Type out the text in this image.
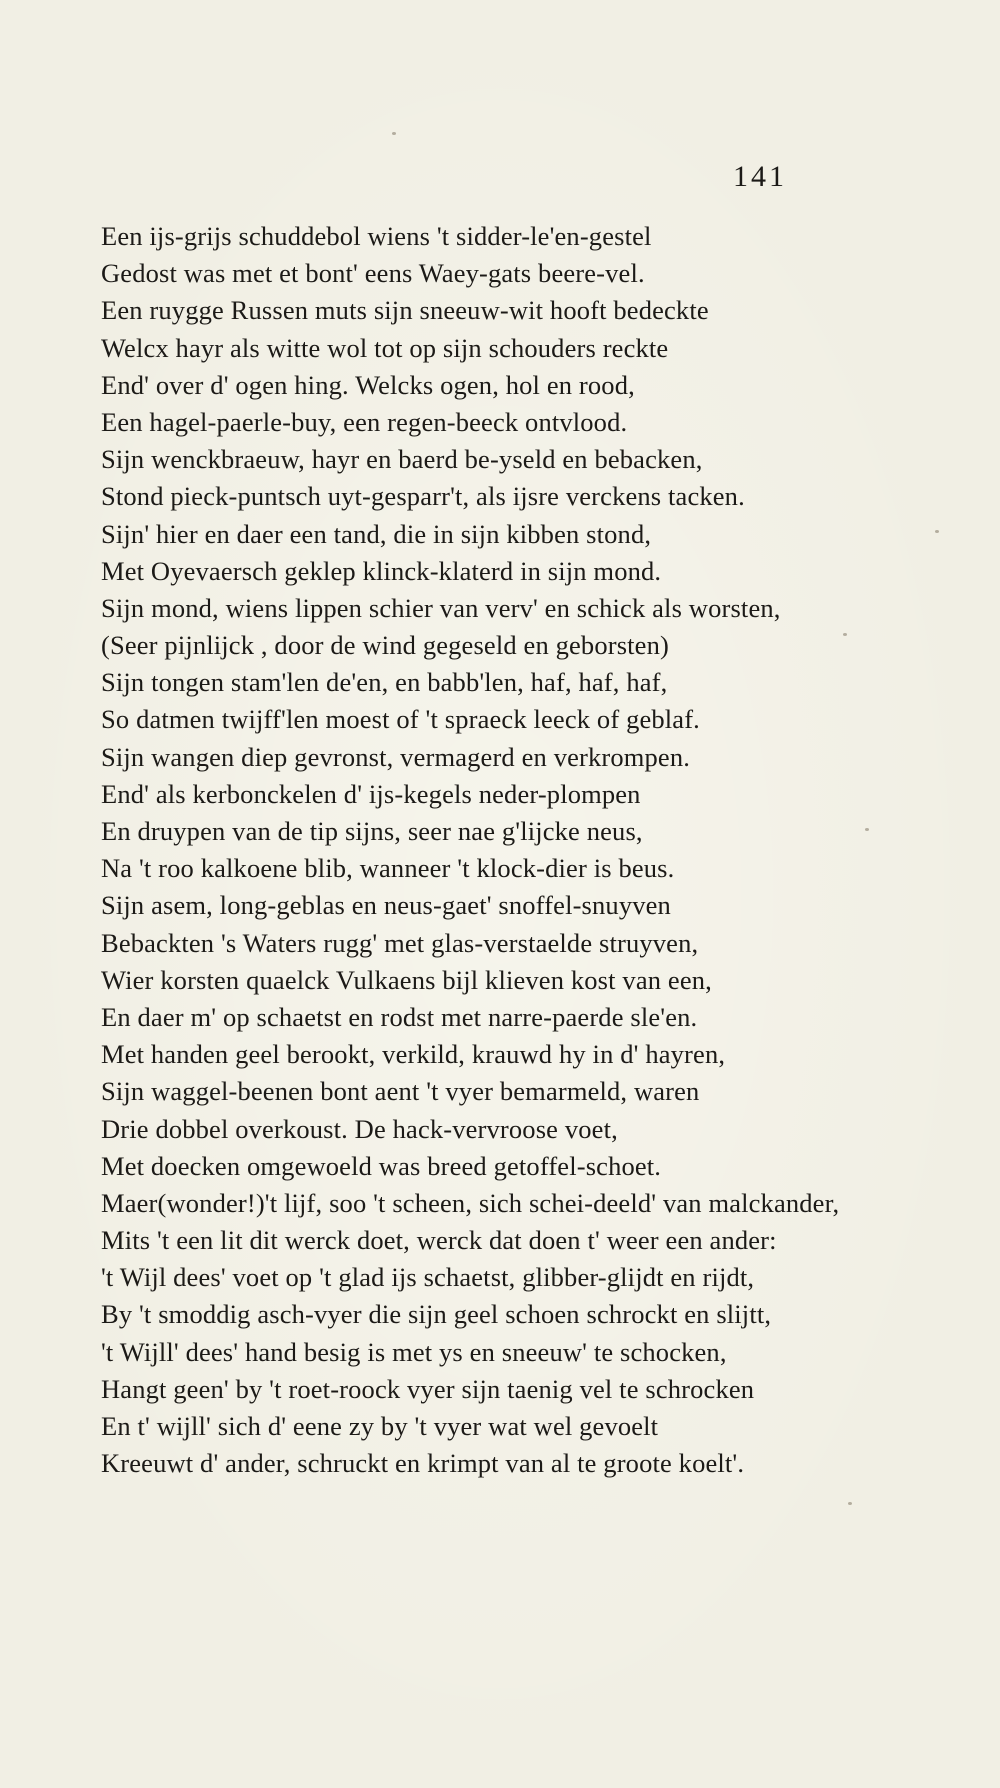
141
Een ijs-grijs schuddebol wiens 't sidder-le'en-gestel
Gedost was met et bont' eens Waey-gats beere-vel.
Een ruygge Russen muts sijn sneeuw-wit hooft bedeckte
Welcx hayr als witte wol tot op sijn schouders reckte
End' over d' ogen hing. Welcks ogen, hol en rood,
Een hagel-paerle-buy, een regen-beeck ontvlood.
Sijn wenckbraeuw, hayr en baerd be-yseld en bebacken,
Stond pieck-puntsch uyt-gesparr't, als ijsre verckens tacken.
Sijn' hier en daer een tand, die in sijn kibben stond,
Met Oyevaersch geklep klinck-klaterd in sijn mond.
Sijn mond, wiens lippen schier van verv' en schick als worsten,
(Seer pijnlijck , door de wind gegeseld en geborsten)
Sijn tongen stam'len de'en, en babb'len, haf, haf, haf,
So datmen twijff'len moest of 't spraeck leeck of geblaf.
Sijn wangen diep gevronst, vermagerd en verkrompen.
End' als kerbonckelen d' ijs-kegels neder-plompen
En druypen van de tip sijns, seer nae g'lijcke neus,
Na 't roo kalkoene blib, wanneer 't klock-dier is beus.
Sijn asem, long-geblas en neus-gaet' snoffel-snuyven
Bebackten 's Waters rugg' met glas-verstaelde struyven,
Wier korsten quaelck Vulkaens bijl klieven kost van een,
En daer m' op schaetst en rodst met narre-paerde sle'en.
Met handen geel berookt, verkild, krauwd hy in d' hayren,
Sijn waggel-beenen bont aent 't vyer bemarmeld, waren
Drie dobbel overkoust. De hack-vervroose voet,
Met doecken omgewoeld was breed getoffel-schoet.
Maer(wonder!)'t lijf, soo 't scheen, sich schei-deeld' van malckander,
Mits 't een lit dit werck doet, werck dat doen t' weer een ander:
't Wijl dees' voet op 't glad ijs schaetst, glibber-glijdt en rijdt,
By 't smoddig asch-vyer die sijn geel schoen schrockt en slijtt,
't Wijll' dees' hand besig is met ys en sneeuw' te schocken,
Hangt geen' by 't roet-roock vyer sijn taenig vel te schrocken
En t' wijll' sich d' eene zy by 't vyer wat wel gevoelt
Kreeuwt d' ander, schruckt en krimpt van al te groote koelt'.
